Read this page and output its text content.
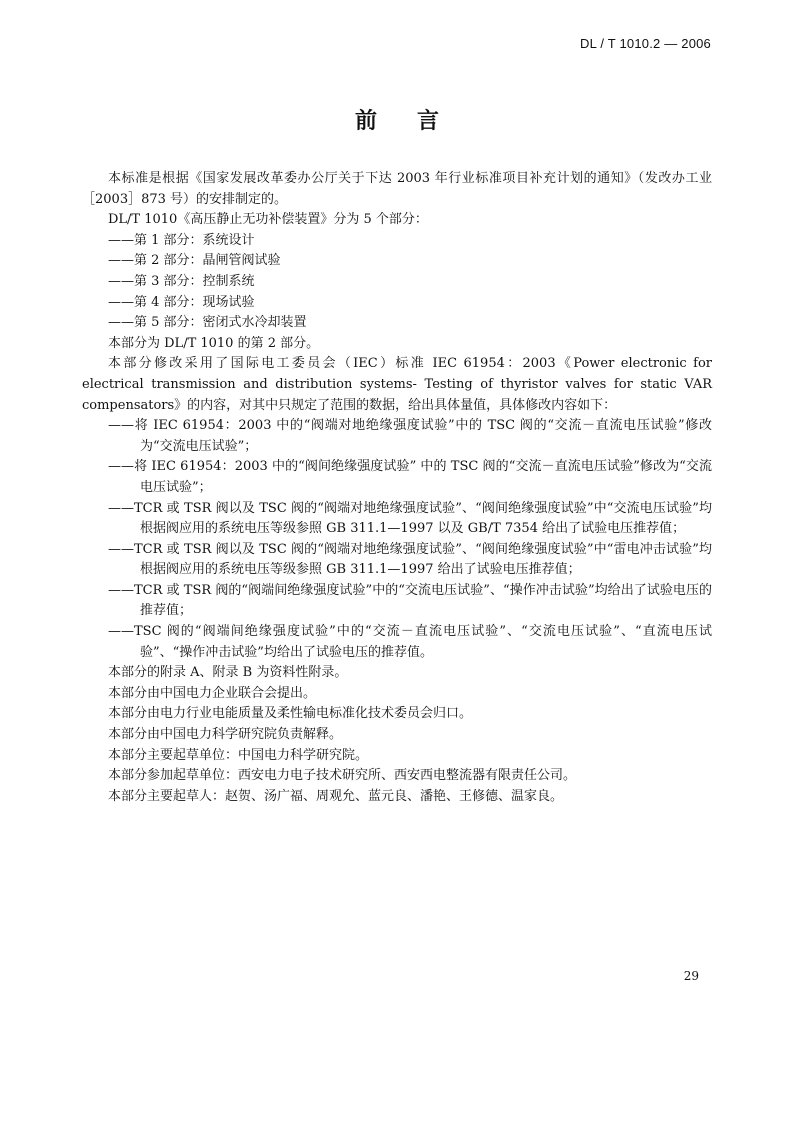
DL / T 1010.2 — 2006
前言

本标准是根据《国家发展改革委办公厅关于下达 2003 年行业标准项目补充计划的通知》（发改办工业［2003］873 号）的安排制定的。

DL/T 1010《高压静止无功补偿装置》分为 5 个部分：

——第 1 部分：系统设计

——第 2 部分：晶闸管阀试验

——第 3 部分：控制系统

——第 4 部分：现场试验

——第 5 部分：密闭式水冷却装置

本部分为 DL/T 1010 的第 2 部分。

本部分修改采用了国际电工委员会（IEC）标准 IEC 61954：2003《Power electronic for electrical transmission and distribution systems- Testing of thyristor valves for static VAR compensators》的内容，对其中只规定了范围的数据，给出具体量值，具体修改内容如下：

——将 IEC 61954：2003 中的“阀端对地绝缘强度试验”中的 TSC 阀的“交流－直流电压试验”修改为“交流电压试验”；

——将 IEC 61954：2003 中的“阀间绝缘强度试验” 中的 TSC 阀的“交流－直流电压试验”修改为“交流电压试验”；

——TCR 或 TSR 阀以及 TSC 阀的“阀端对地绝缘强度试验”、“阀间绝缘强度试验”中“交流电压试验”均根据阀应用的系统电压等级参照 GB 311.1—1997 以及 GB/T 7354 给出了试验电压推荐值；

——TCR 或 TSR 阀以及 TSC 阀的“阀端对地绝缘强度试验”、“阀间绝缘强度试验”中“雷电冲击试验”均根据阀应用的系统电压等级参照 GB 311.1—1997 给出了试验电压推荐值；

——TCR 或 TSR 阀的“阀端间绝缘强度试验”中的“交流电压试验”、“操作冲击试验”均给出了试验电压的推荐值；

——TSC 阀的“阀端间绝缘强度试验”中的“交流－直流电压试验”、“交流电压试验”、“直流电压试验”、“操作冲击试验”均给出了试验电压的推荐值。

本部分的附录 A、附录 B 为资料性附录。

本部分由中国电力企业联合会提出。

本部分由电力行业电能质量及柔性输电标准化技术委员会归口。

本部分由中国电力科学研究院负责解释。

本部分主要起草单位：中国电力科学研究院。

本部分参加起草单位：西安电力电子技术研究所、西安西电整流器有限责任公司。

本部分主要起草人：赵贺、汤广福、周观允、蓝元良、潘艳、王修德、温家良。

29
